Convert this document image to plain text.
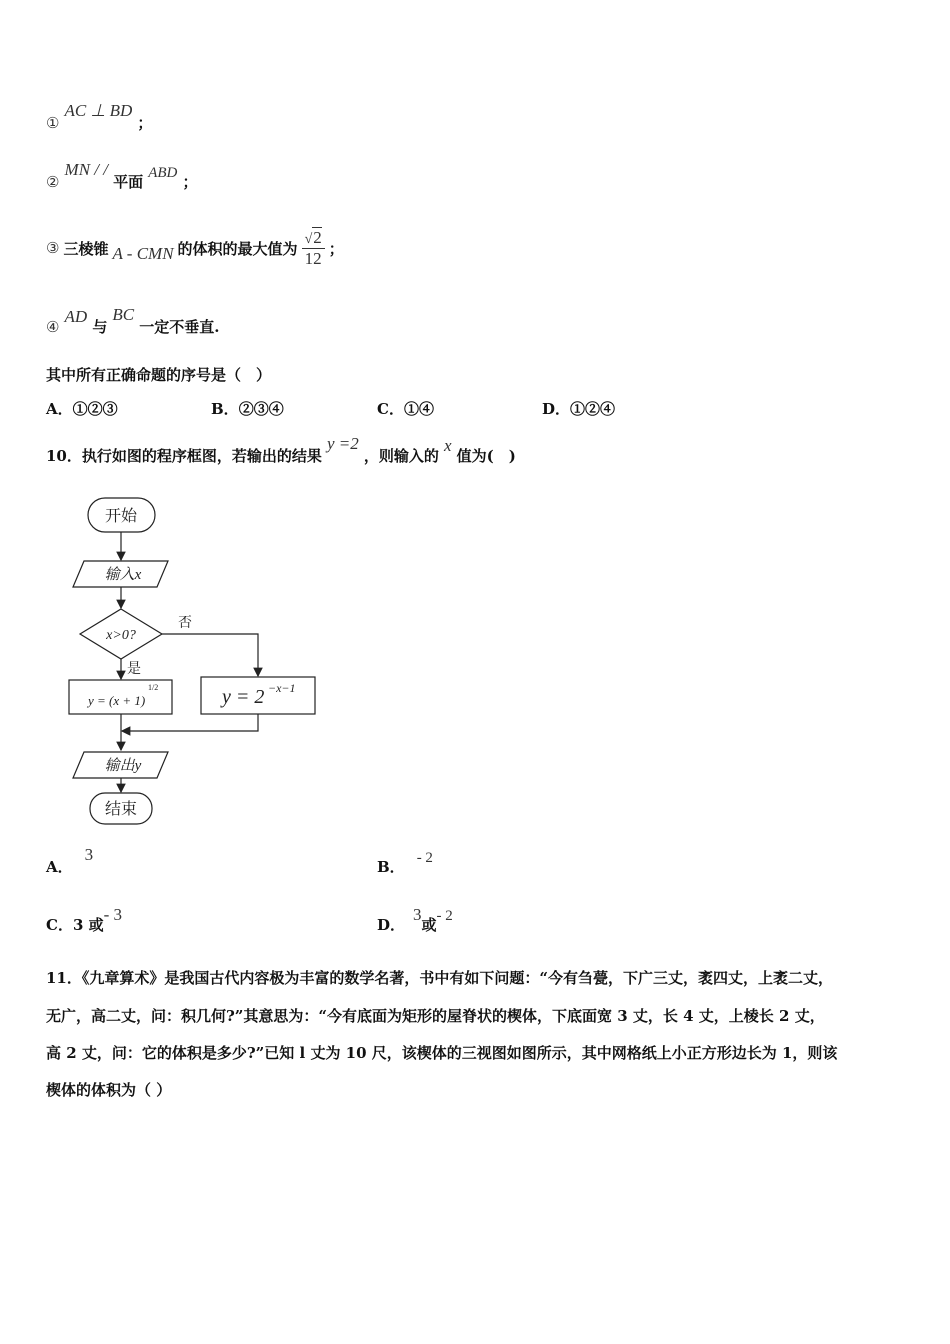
① AC ⊥ BD ；
② MN / / 平面 ABD ；
③ 三棱锥 A - CMN 的体积的最大值为 $\frac{√2}{12}$ ；
④ AD 与 BC 一定不垂直.
其中所有正确命题的序号是（　）
A．①②③	B．②③④	C．①④	D．①②④
10．执行如图的程序框图，若输出的结果 y =2 ，则输入的 x 值为(　)
开始
输入x
x>0?
否
是
y = (x + 1)
1/2	y = 2 −x−1
输出y
结束
A．3
B． - 2
C．3 或- 3
D．3或- 2
11．《九章算术》是我国古代内容极为丰富的数学名著，书中有如下问题：“今有刍甍，下广三丈，袤四丈，上袤二丈，
无广，高二丈，问：积几何?”其意思为：“今有底面为矩形的屋脊状的楔体，下底面宽 3 丈，长 4 丈，上棱长 2 丈，
高 2 丈，问：它的体积是多少?”已知 l 丈为 10 尺，该楔体的三视图如图所示，其中网格纸上小正方形边长为 1，则该
楔体的体积为（ ）
